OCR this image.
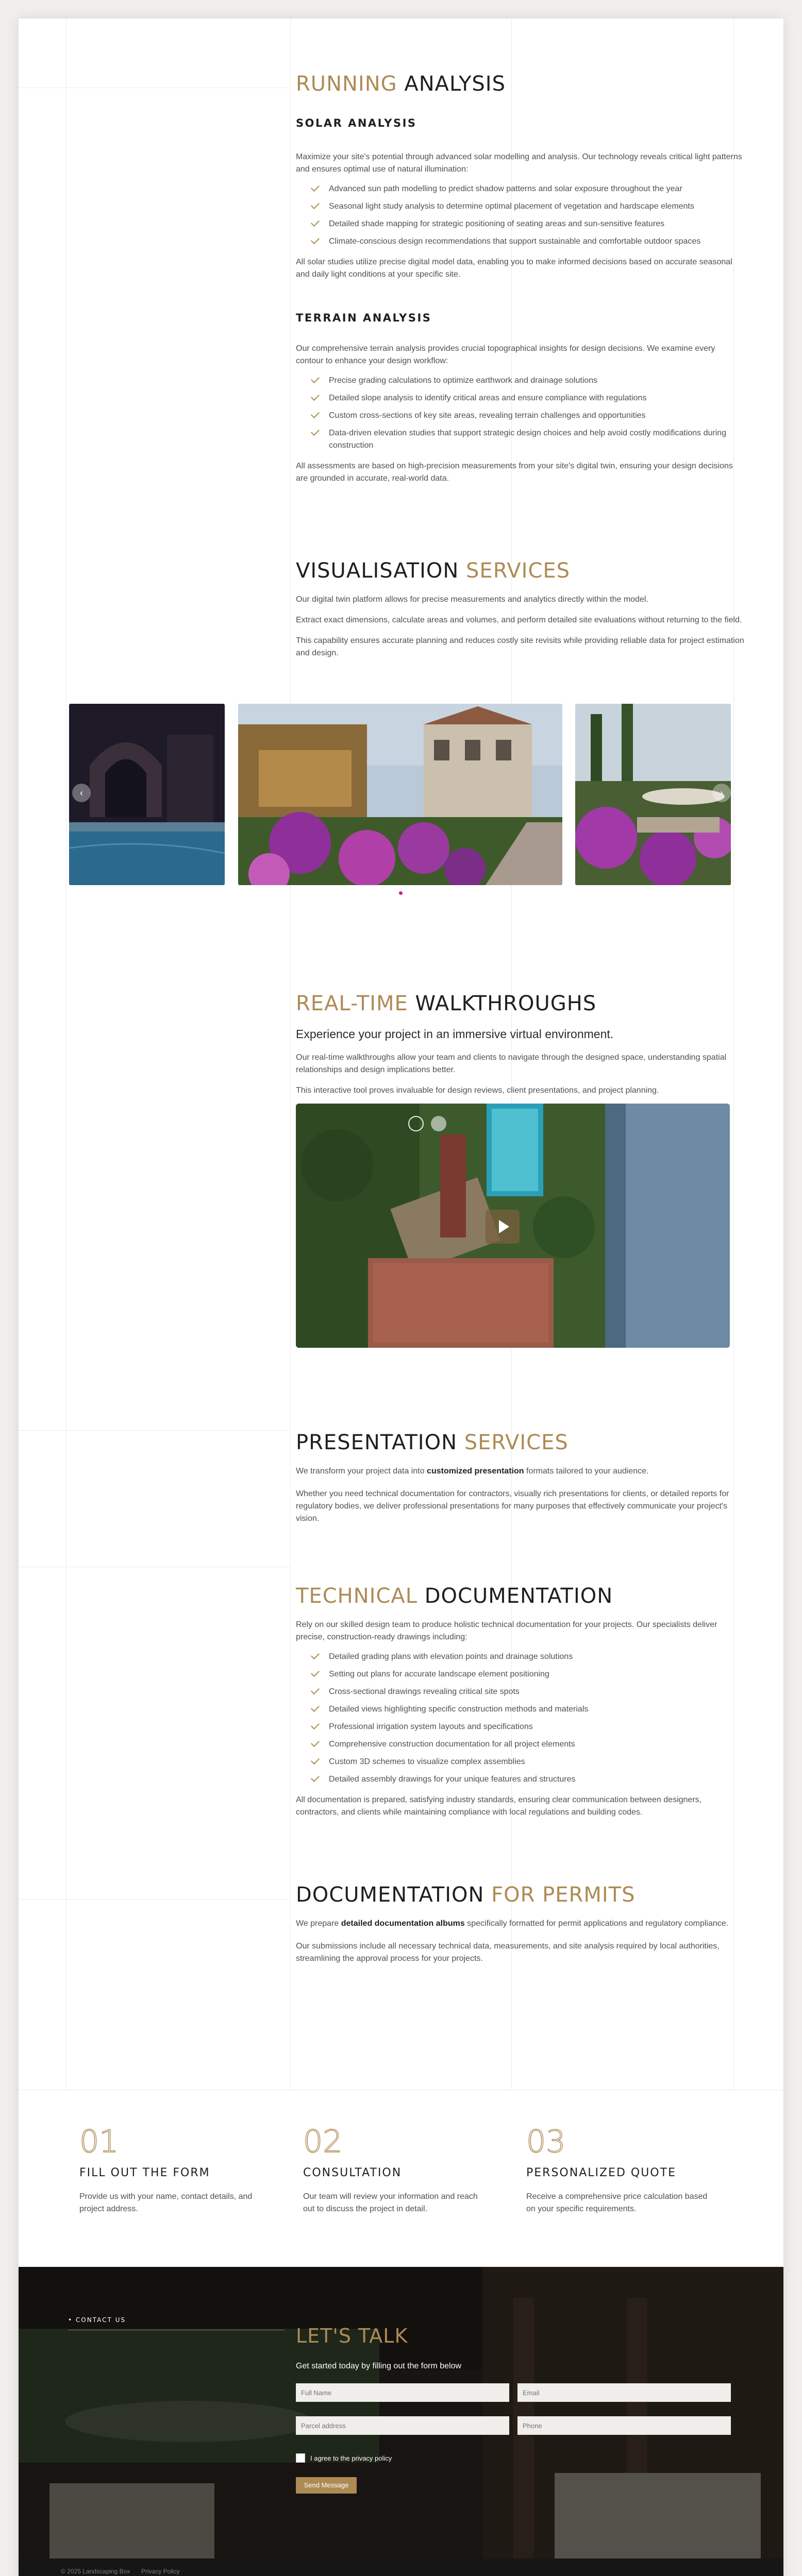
RUNNING ANALYSIS
SOLAR ANALYSIS

Maximize your site's potential through advanced solar modelling and analysis. Our technology reveals critical light patterns and ensures optimal use of natural illumination:

Advanced sun path modelling to predict shadow patterns and solar exposure throughout the year
Seasonal light study analysis to determine optimal placement of vegetation and hardscape elements
Detailed shade mapping for strategic positioning of seating areas and sun-sensitive features
Climate-conscious design recommendations that support sustainable and comfortable outdoor spaces

All solar studies utilize precise digital model data, enabling you to make informed decisions based on accurate seasonal and daily light conditions at your specific site.

TERRAIN ANALYSIS

Our comprehensive terrain analysis provides crucial topographical insights for design decisions. We examine every contour to enhance your design workflow:

Precise grading calculations to optimize earthwork and drainage solutions
Detailed slope analysis to identify critical areas and ensure compliance with regulations
Custom cross-sections of key site areas, revealing terrain challenges and opportunities
Data-driven elevation studies that support strategic design choices and help avoid costly modifications during construction

All assessments are based on high-precision measurements from your site's digital twin, ensuring your design decisions are grounded in accurate, real-world data.

VISUALISATION SERVICES

Our digital twin platform allows for precise measurements and analytics directly within the model.

Extract exact dimensions, calculate areas and volumes, and perform detailed site evaluations without returning to the field.

This capability ensures accurate planning and reduces costly site revisits while providing reliable data for project estimation and design.

‹	›
REAL-TIME WALKTHROUGHS

Experience your project in an immersive virtual environment.

Our real-time walkthroughs allow your team and clients to navigate through the designed space, understanding spatial relationships and design implications better.

This interactive tool proves invaluable for design reviews, client presentations, and project planning.

PRESENTATION SERVICES

We transform your project data into customized presentation formats tailored to your audience.

Whether you need technical documentation for contractors, visually rich presentations for clients, or detailed reports for regulatory bodies, we deliver professional presentations for many purposes that effectively communicate your project's vision.

TECHNICAL DOCUMENTATION

Rely on our skilled design team to produce holistic technical documentation for your projects. Our specialists deliver precise, construction-ready drawings including:

Detailed grading plans with elevation points and drainage solutions
Setting out plans for accurate landscape element positioning
Cross-sectional drawings revealing critical site spots
Detailed views highlighting specific construction methods and materials
Professional irrigation system layouts and specifications
Comprehensive construction documentation for all project elements
Custom 3D schemes to visualize complex assemblies
Detailed assembly drawings for your unique features and structures

All documentation is prepared, satisfying industry standards, ensuring clear communication between designers, contractors, and clients while maintaining compliance with local regulations and building codes.

DOCUMENTATION FOR PERMITS

We prepare detailed documentation albums specifically formatted for permit applications and regulatory compliance.

Our submissions include all necessary technical data, measurements, and site analysis required by local authorities, streamlining the approval process for your projects.

01
FILL OUT THE FORM
Provide us with your name, contact details, and project address.
02
CONSULTATION
Our team will review your information and reach out to discuss the project in detail.
03
PERSONALIZED QUOTE
Receive a comprehensive price calculation based on your specific requirements.
• CONTACT US
LET'S TALK

Get started today by filling out the form below

Full Name
Email
Parcel address
Phone
I agree to the privacy policy
Send Message
© 2025 Landscaping Box Privacy Policy
